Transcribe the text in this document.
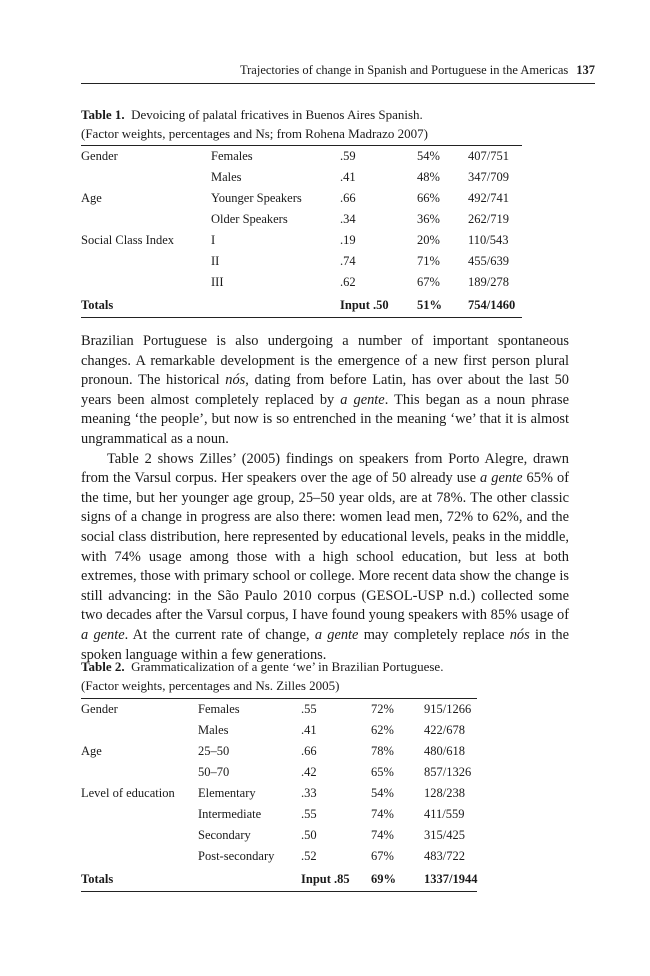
Trajectories of change in Spanish and Portuguese in the Americas 137
Table 1. Devoicing of palatal fricatives in Buenos Aires Spanish.
(Factor weights, percentages and Ns; from Rohena Madrazo 2007)
Gender	Females	.59	54%	407/751
	Males	.41	48%	347/709
Age	Younger Speakers	.66	66%	492/741
	Older Speakers	.34	36%	262/719
Social Class Index	I	.19	20%	110/543
	II	.74	71%	455/639
	III	.62	67%	189/278
Totals		Input .50	51%	754/1460

Brazilian Portuguese is also undergoing a number of important spontaneous changes. A remarkable development is the emergence of a new first person plural pronoun. The historical nós, dating from before Latin, has over about the last 50 years been almost completely replaced by a gente. This began as a noun phrase meaning ‘the people’, but now is so entrenched in the meaning ‘we’ that it is almost ungrammatical as a noun.

Table 2 shows Zilles’ (2005) findings on speakers from Porto Alegre, drawn from the Varsul corpus. Her speakers over the age of 50 already use a gente 65% of the time, but her younger age group, 25–50 year olds, are at 78%. The other classic signs of a change in progress are also there: women lead men, 72% to 62%, and the social class distribution, here represented by educational levels, peaks in the middle, with 74% usage among those with a high school education, but less at both extremes, those with primary school or college. More recent data show the change is still advancing: in the São Paulo 2010 corpus (GESOL-USP n.d.) collected some two decades after the Varsul corpus, I have found young speakers with 85% usage of a gente. At the current rate of change, a gente may completely replace nós in the spoken language within a few generations.

Table 2. Grammaticalization of a gente ‘we’ in Brazilian Portuguese.
(Factor weights, percentages and Ns. Zilles 2005)
Gender	Females	.55	72%	915/1266
	Males	.41	62%	422/678
Age	25–50	.66	78%	480/618
	50–70	.42	65%	857/1326
Level of education	Elementary	.33	54%	128/238
	Intermediate	.55	74%	411/559
	Secondary	.50	74%	315/425
	Post-secondary	.52	67%	483/722
Totals		Input .85	69%	1337/1944
